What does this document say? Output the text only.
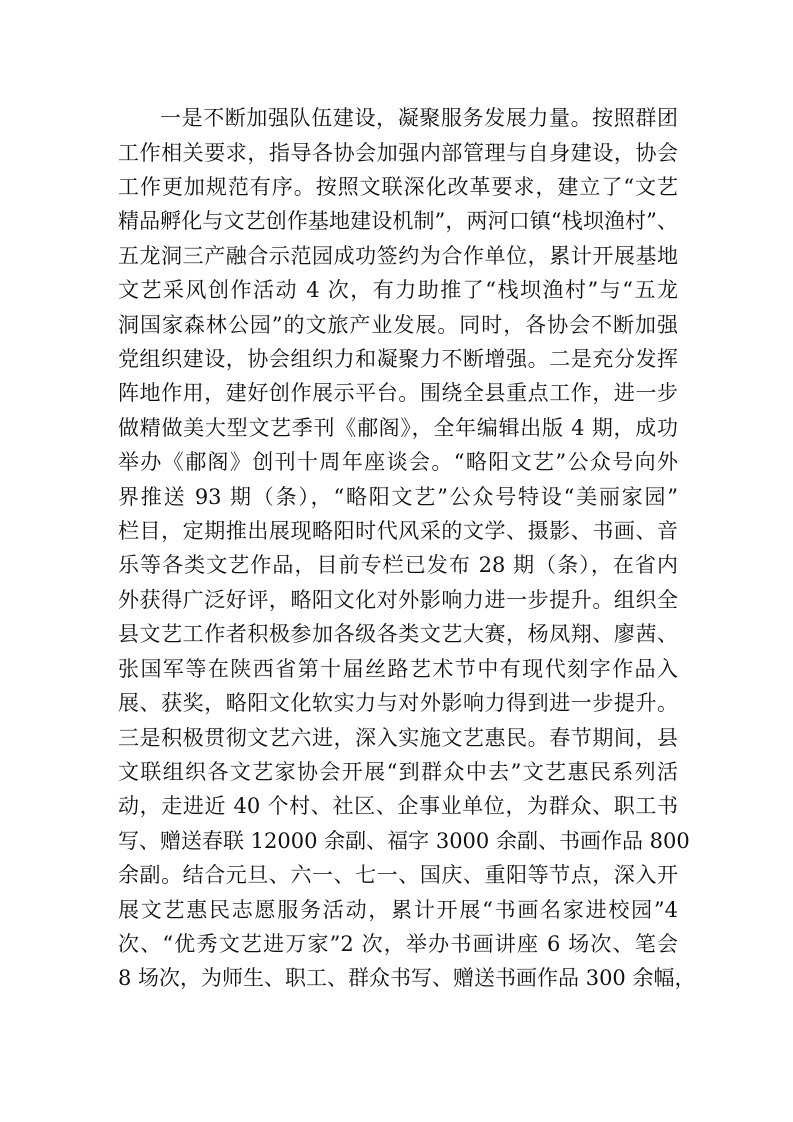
一是不断加强队伍建设，凝聚服务发展力量。按照群团
工作相关要求，指导各协会加强内部管理与自身建设，协会
工作更加规范有序。按照文联深化改革要求，建立了“文艺
精品孵化与文艺创作基地建设机制”，两河口镇“栈坝渔村”、
五龙洞三产融合示范园成功签约为合作单位，累计开展基地
文艺采风创作活动 4 次，有力助推了“栈坝渔村”与“五龙
洞国家森林公园”的文旅产业发展。同时，各协会不断加强
党组织建设，协会组织力和凝聚力不断增强。二是充分发挥
阵地作用，建好创作展示平台。围绕全县重点工作，进一步
做精做美大型文艺季刊《郙阁》，全年编辑出版 4 期，成功
举办《郙阁》创刊十周年座谈会。“略阳文艺”公众号向外
界推送 93 期（条），“略阳文艺”公众号特设“美丽家园”
栏目，定期推出展现略阳时代风采的文学、摄影、书画、音
乐等各类文艺作品，目前专栏已发布 28 期（条），在省内
外获得广泛好评，略阳文化对外影响力进一步提升。组织全
县文艺工作者积极参加各级各类文艺大赛，杨凤翔、廖茜、
张国军等在陕西省第十届丝路艺术节中有现代刻字作品入
展、获奖，略阳文化软实力与对外影响力得到进一步提升。
三是积极贯彻文艺六进，深入实施文艺惠民。春节期间，县
文联组织各文艺家协会开展“到群众中去”文艺惠民系列活
动，走进近 40 个村、社区、企事业单位，为群众、职工书
写、赠送春联 12000 余副、福字 3000 余副、书画作品 800
余副。结合元旦、六一、七一、国庆、重阳等节点，深入开
展文艺惠民志愿服务活动，累计开展“书画名家进校园”4
次、“优秀文艺进万家”2 次，举办书画讲座 6 场次、笔会
8 场次，为师生、职工、群众书写、赠送书画作品 300 余幅，
